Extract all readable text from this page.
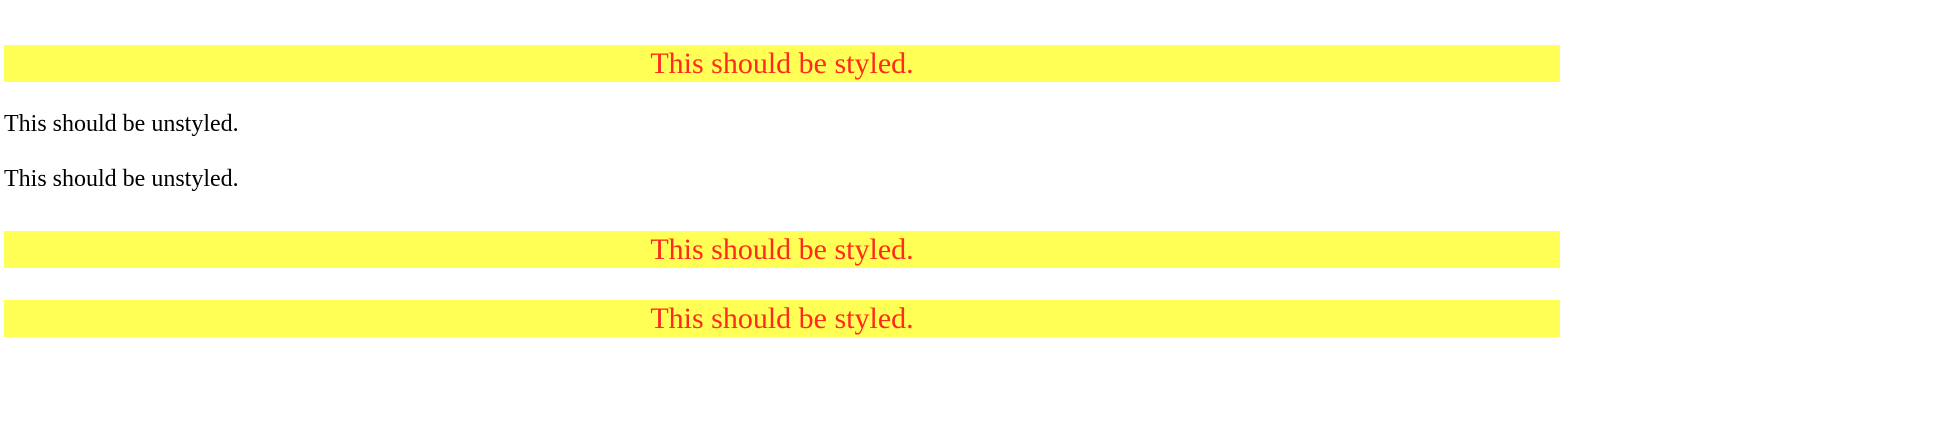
This should be styled.

This should be unstyled.

This should be unstyled.

This should be styled.

This should be styled.
